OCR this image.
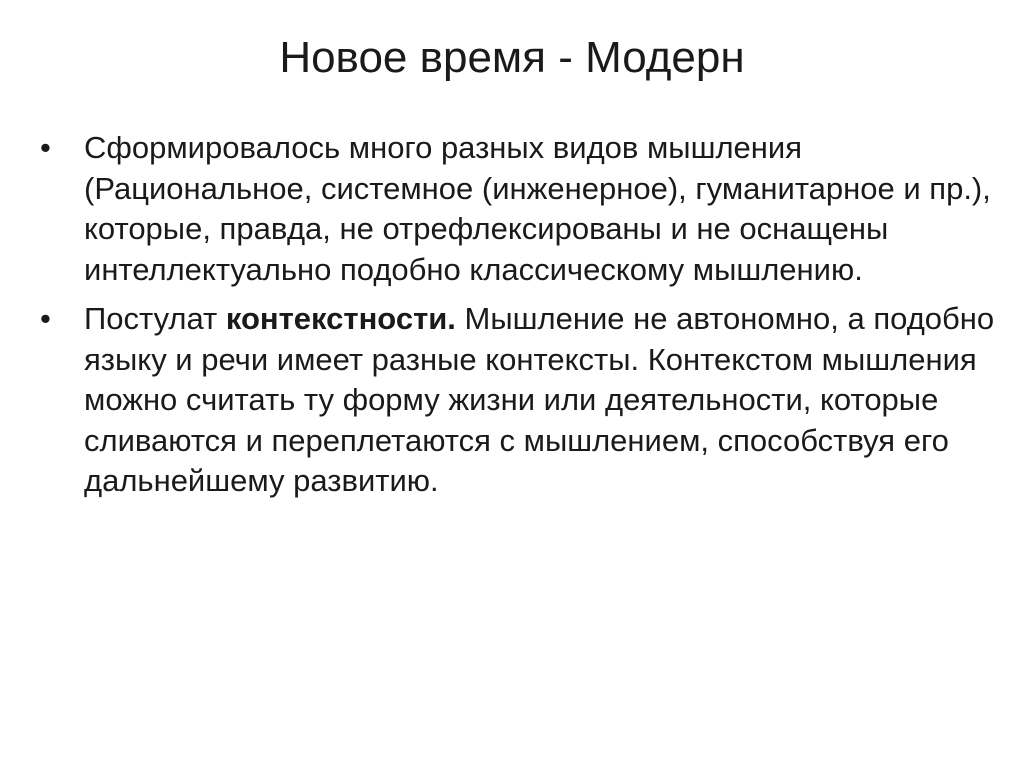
Новое время - Модерн
•	Сформировалось много разных видов мышления (Рациональное, системное (инженерное), гуманитарное и пр.), которые, правда, не отрефлексированы и не оснащены интеллектуально подобно классическому мышлению.
•	Постулат контекстности. Мышление не автономно, а подобно языку и речи имеет разные контексты. Контекстом мышления можно считать ту форму жизни или деятельности, которые сливаются и переплетаются с мышлением, способствуя его дальнейшему развитию.
